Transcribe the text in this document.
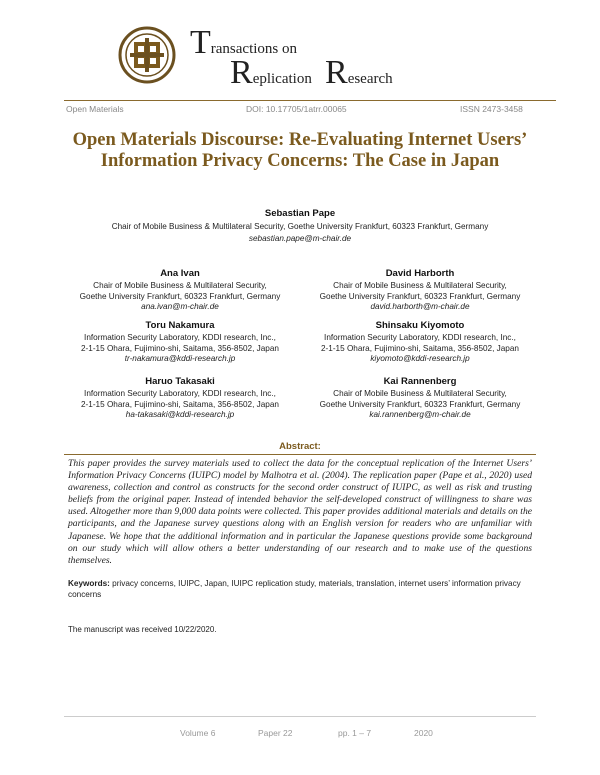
Transactions on
Replication Research
Open Materials	DOI: 10.17705/1atrr.00065	ISSN 2473-3458
Open Materials Discourse: Re-Evaluating Internet Users’ Information Privacy Concerns: The Case in Japan
Sebastian Pape
Chair of Mobile Business & Multilateral Security, Goethe University Frankfurt, 60323 Frankfurt, Germany
sebastian.pape@m-chair.de
Ana Ivan
Chair of Mobile Business & Multilateral Security,
Goethe University Frankfurt, 60323 Frankfurt, Germany
ana.ivan@m-chair.de
David Harborth
Chair of Mobile Business & Multilateral Security,
Goethe University Frankfurt, 60323 Frankfurt, Germany
david.harborth@m-chair.de
Toru Nakamura
Information Security Laboratory, KDDI research, Inc.,
2-1-15 Ohara, Fujimino-shi, Saitama, 356-8502, Japan
tr-nakamura@kddi-research.jp
Shinsaku Kiyomoto
Information Security Laboratory, KDDI research, Inc.,
2-1-15 Ohara, Fujimino-shi, Saitama, 356-8502, Japan
kiyomoto@kddi-research.jp
Haruo Takasaki
Information Security Laboratory, KDDI research, Inc.,
2-1-15 Ohara, Fujimino-shi, Saitama, 356-8502, Japan
ha-takasaki@kddi-research.jp
Kai Rannenberg
Chair of Mobile Business & Multilateral Security,
Goethe University Frankfurt, 60323 Frankfurt, Germany
kai.rannenberg@m-chair.de
Abstract:
This paper provides the survey materials used to collect the data for the conceptual replication of the Internet Users’ Information Privacy Concerns (IUIPC) model by Malhotra et al. (2004). The replication paper (Pape et al., 2020) used awareness, collection and control as constructs for the second order construct of IUIPC, as well as risk and trusting beliefs from the original paper. Instead of intended behavior the self-developed construct of willingness to share was used. Altogether more than 9,000 data points were collected. This paper provides additional materials and details on the participants, and the Japanese survey questions along with an English version for readers who are unfamiliar with Japanese. We hope that the additional information and in particular the Japanese questions provide some background on our study which will allow others a better understanding of our research and to make use of the questions themselves.
Keywords: privacy concerns, IUIPC, Japan, IUIPC replication study, materials, translation, internet users’ information privacy concerns
The manuscript was received 10/22/2020.
Volume 6	Paper 22	pp. 1 – 7	2020
